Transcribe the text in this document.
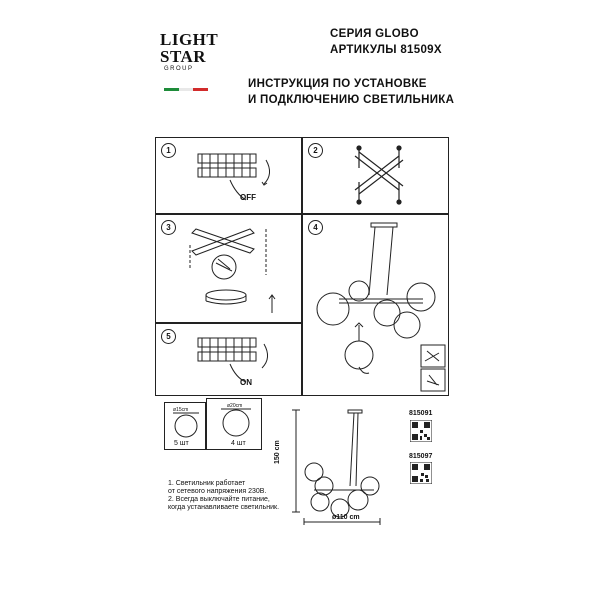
LIGHT
STAR
GROUP
СЕРИЯ GLOBO
АРТИКУЛЫ 81509X
ИНСТРУКЦИЯ ПО УСТАНОВКЕ
И ПОДКЛЮЧЕНИЮ СВЕТИЛЬНИКА
1
OFF
2
3	4
5
ON
ø15cm
5 шт
ø20cm
4 шт
1. Светильник работает
от сетевого напряжения 230В.
2. Всегда выключайте питание,
когда устанавливаете светильник.
150 cm
ø110 cm
815091
815097
